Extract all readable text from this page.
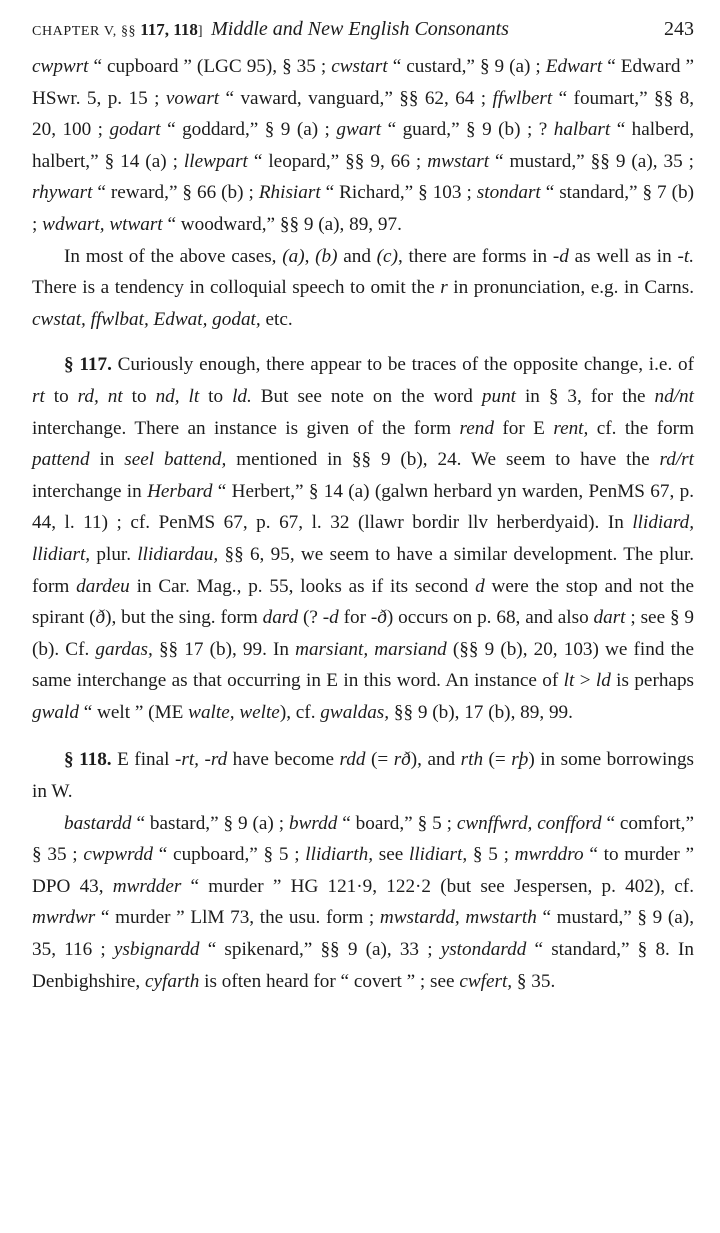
CHAPTER V, §§ 117, 118] Middle and New English Consonants	243

cwpwrt “ cupboard ” (LGC 95), § 35 ; cwstart “ custard,” § 9 (a) ; Edwart “ Edward ” HSwr. 5, p. 15 ; vowart “ vaward, vanguard,” §§ 62, 64 ; ffwlbert “ foumart,” §§ 8, 20, 100 ; godart “ goddard,” § 9 (a) ; gwart “ guard,” § 9 (b) ; ? halbart “ halberd, halbert,” § 14 (a) ; llewpart “ leopard,” §§ 9, 66 ; mwstart “ mustard,” §§ 9 (a), 35 ; rhywart “ reward,” § 66 (b) ; Rhisiart “ Richard,” § 103 ; stondart “ standard,” § 7 (b) ; wdwart, wtwart “ woodward,” §§ 9 (a), 89, 97.

In most of the above cases, (a), (b) and (c), there are forms in -d as well as in -t. There is a tendency in colloquial speech to omit the r in pronunciation, e.g. in Carns. cwstat, ffwlbat, Edwat, godat, etc.

§ 117. Curiously enough, there appear to be traces of the opposite change, i.e. of rt to rd, nt to nd, lt to ld. But see note on the word punt in § 3, for the nd/nt interchange. There an instance is given of the form rend for E rent, cf. the form pattend in seel battend, mentioned in §§ 9 (b), 24. We seem to have the rd/rt interchange in Herbard “ Herbert,” § 14 (a) (galwn herbard yn warden, PenMS 67, p. 44, l. 11) ; cf. PenMS 67, p. 67, l. 32 (llawr bordir llv herberdyaid). In llidiard, llidiart, plur. llidiardau, §§ 6, 95, we seem to have a similar development. The plur. form dardeu in Car. Mag., p. 55, looks as if its second d were the stop and not the spirant (ð), but the sing. form dard (? -d for -ð) occurs on p. 68, and also dart ; see § 9 (b). Cf. gardas, §§ 17 (b), 99. In marsiant, marsiand (§§ 9 (b), 20, 103) we find the same interchange as that occurring in E in this word. An instance of lt > ld is perhaps gwald “ welt ” (ME walte, welte), cf. gwaldas, §§ 9 (b), 17 (b), 89, 99.

§ 118. E final -rt, -rd have become rdd (= rð), and rth (= rþ) in some borrowings in W.

bastardd “ bastard,” § 9 (a) ; bwrdd “ board,” § 5 ; cwnffwrd, confford “ comfort,” § 35 ; cwpwrdd “ cupboard,” § 5 ; llidiarth, see llidiart, § 5 ; mwrddro “ to murder ” DPO 43, mwrdder “ murder ” HG 121·9, 122·2 (but see Jespersen, p. 402), cf. mwrdwr “ murder ” LlM 73, the usu. form ; mwstardd, mwstarth “ mustard,” § 9 (a), 35, 116 ; ysbignardd “ spikenard,” §§ 9 (a), 33 ; ystondardd “ standard,” § 8. In Denbighshire, cyfarth is often heard for “ covert ” ; see cwfert, § 35.
